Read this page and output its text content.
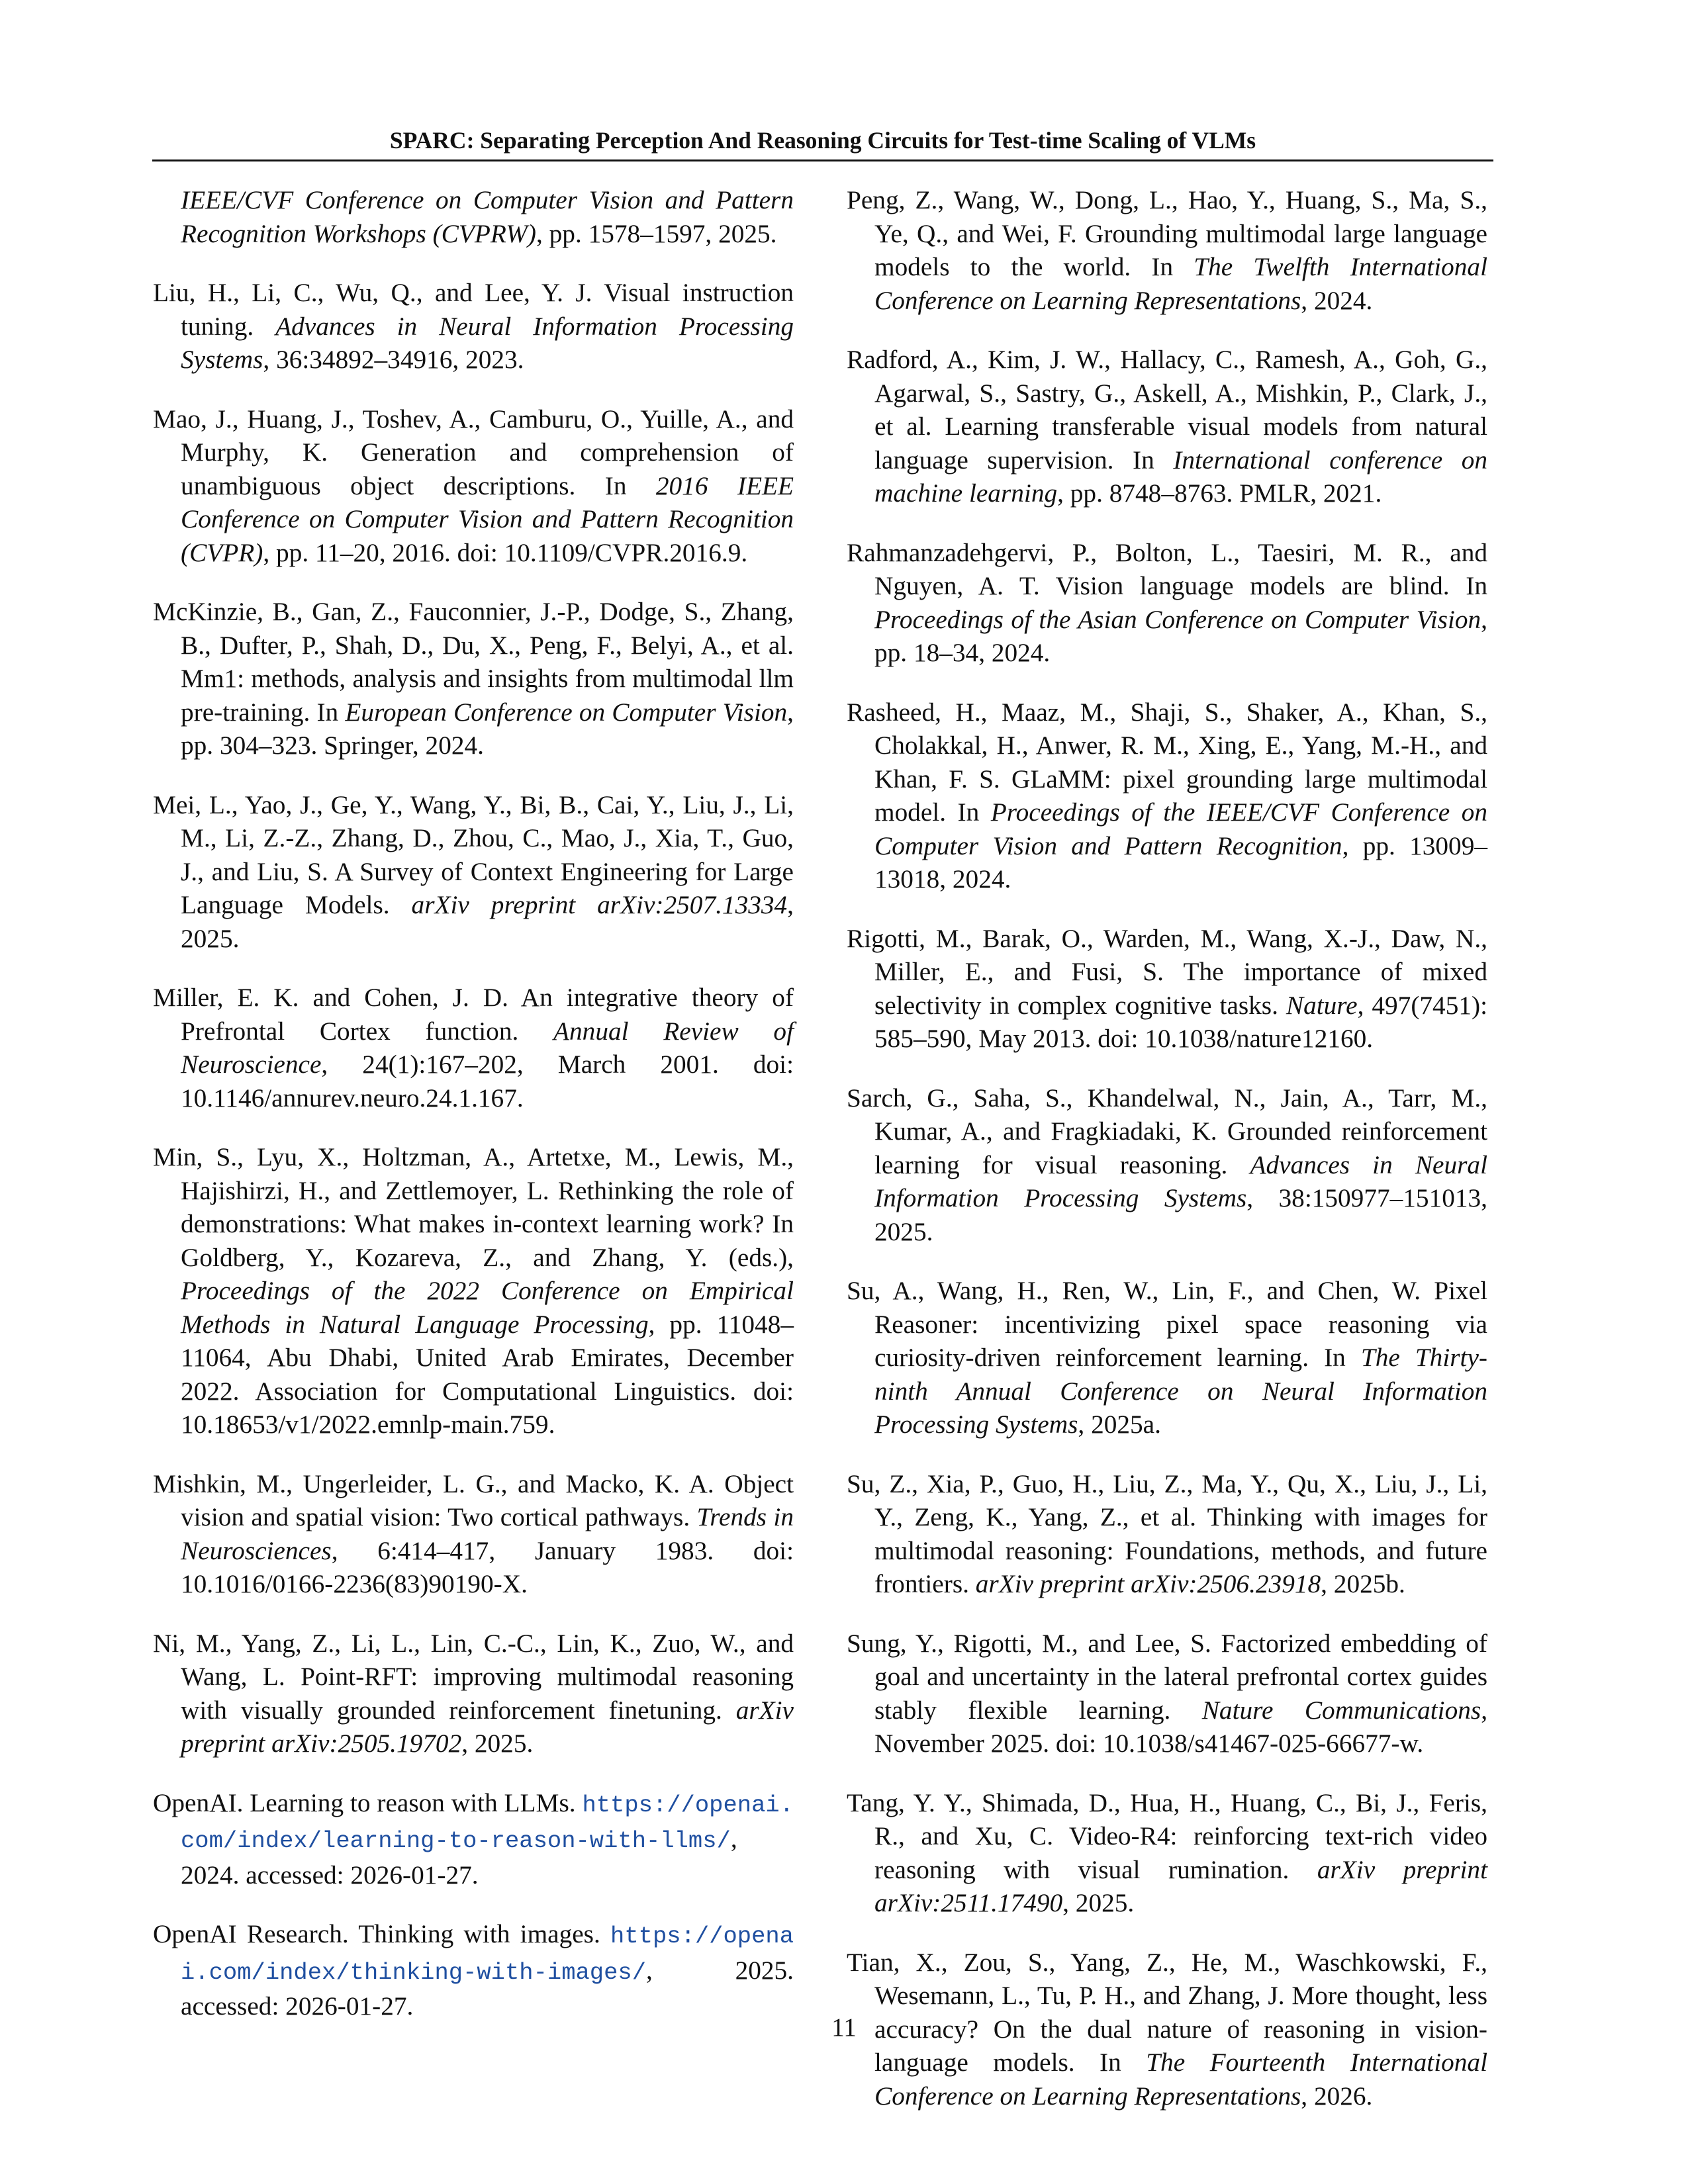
SPARC: Separating Perception And Reasoning Circuits for Test-time Scaling of VLMs

IEEE/CVF Conference on Computer Vision and Pattern Recognition Workshops (CVPRW), pp. 1578–1597, 2025.

Liu, H., Li, C., Wu, Q., and Lee, Y. J. Visual instruction tuning. Advances in Neural Information Processing Systems, 36:34892–34916, 2023.

Mao, J., Huang, J., Toshev, A., Camburu, O., Yuille, A., and Murphy, K. Generation and comprehension of unambiguous object descriptions. In 2016 IEEE Conference on Computer Vision and Pattern Recognition (CVPR), pp. 11–20, 2016. doi: 10.1109/CVPR.2016.9.

McKinzie, B., Gan, Z., Fauconnier, J.-P., Dodge, S., Zhang, B., Dufter, P., Shah, D., Du, X., Peng, F., Belyi, A., et al. Mm1: methods, analysis and insights from multimodal llm pre-training. In European Conference on Computer Vision, pp. 304–323. Springer, 2024.

Mei, L., Yao, J., Ge, Y., Wang, Y., Bi, B., Cai, Y., Liu, J., Li, M., Li, Z.-Z., Zhang, D., Zhou, C., Mao, J., Xia, T., Guo, J., and Liu, S. A Survey of Context Engineering for Large Language Models. arXiv preprint arXiv:2507.13334, 2025.

Miller, E. K. and Cohen, J. D. An integrative theory of Prefrontal Cortex function. Annual Review of Neuroscience, 24(1):167–202, March 2001. doi: 10.1146/annurev.neuro.24.1.167.

Min, S., Lyu, X., Holtzman, A., Artetxe, M., Lewis, M., Hajishirzi, H., and Zettlemoyer, L. Rethinking the role of demonstrations: What makes in-context learning work? In Goldberg, Y., Kozareva, Z., and Zhang, Y. (eds.), Proceedings of the 2022 Conference on Empirical Methods in Natural Language Processing, pp. 11048–11064, Abu Dhabi, United Arab Emirates, December 2022. Association for Computational Linguistics. doi: 10.18653/v1/2022.emnlp-main.759.

Mishkin, M., Ungerleider, L. G., and Macko, K. A. Object vision and spatial vision: Two cortical pathways. Trends in Neurosciences, 6:414–417, January 1983. doi: 10.1016/0166-2236(83)90190-X.

Ni, M., Yang, Z., Li, L., Lin, C.-C., Lin, K., Zuo, W., and Wang, L. Point-RFT: improving multimodal reasoning with visually grounded reinforcement finetuning. arXiv preprint arXiv:2505.19702, 2025.

OpenAI. Learning to reason with LLMs. https://openai.com/index/learning-to-reason-with-llms/, 2024. accessed: 2026-01-27.

OpenAI Research. Thinking with images. https://openai.com/index/thinking-with-images/, 2025. accessed: 2026-01-27.

Peng, Z., Wang, W., Dong, L., Hao, Y., Huang, S., Ma, S., Ye, Q., and Wei, F. Grounding multimodal large language models to the world. In The Twelfth International Conference on Learning Representations, 2024.

Radford, A., Kim, J. W., Hallacy, C., Ramesh, A., Goh, G., Agarwal, S., Sastry, G., Askell, A., Mishkin, P., Clark, J., et al. Learning transferable visual models from natural language supervision. In International conference on machine learning, pp. 8748–8763. PMLR, 2021.

Rahmanzadehgervi, P., Bolton, L., Taesiri, M. R., and Nguyen, A. T. Vision language models are blind. In Proceedings of the Asian Conference on Computer Vision, pp. 18–34, 2024.

Rasheed, H., Maaz, M., Shaji, S., Shaker, A., Khan, S., Cholakkal, H., Anwer, R. M., Xing, E., Yang, M.-H., and Khan, F. S. GLaMM: pixel grounding large multimodal model. In Proceedings of the IEEE/CVF Conference on Computer Vision and Pattern Recognition, pp. 13009–13018, 2024.

Rigotti, M., Barak, O., Warden, M., Wang, X.-J., Daw, N., Miller, E., and Fusi, S. The importance of mixed selectivity in complex cognitive tasks. Nature, 497(7451): 585–590, May 2013. doi: 10.1038/nature12160.

Sarch, G., Saha, S., Khandelwal, N., Jain, A., Tarr, M., Kumar, A., and Fragkiadaki, K. Grounded reinforcement learning for visual reasoning. Advances in Neural Information Processing Systems, 38:150977–151013, 2025.

Su, A., Wang, H., Ren, W., Lin, F., and Chen, W. Pixel Reasoner: incentivizing pixel space reasoning via curiosity-driven reinforcement learning. In The Thirty-ninth Annual Conference on Neural Information Processing Systems, 2025a.

Su, Z., Xia, P., Guo, H., Liu, Z., Ma, Y., Qu, X., Liu, J., Li, Y., Zeng, K., Yang, Z., et al. Thinking with images for multimodal reasoning: Foundations, methods, and future frontiers. arXiv preprint arXiv:2506.23918, 2025b.

Sung, Y., Rigotti, M., and Lee, S. Factorized embedding of goal and uncertainty in the lateral prefrontal cortex guides stably flexible learning. Nature Communications, November 2025. doi: 10.1038/s41467-025-66677-w.

Tang, Y. Y., Shimada, D., Hua, H., Huang, C., Bi, J., Feris, R., and Xu, C. Video-R4: reinforcing text-rich video reasoning with visual rumination. arXiv preprint arXiv:2511.17490, 2025.

Tian, X., Zou, S., Yang, Z., He, M., Waschkowski, F., Wesemann, L., Tu, P. H., and Zhang, J. More thought, less accuracy? On the dual nature of reasoning in vision-language models. In The Fourteenth International Conference on Learning Representations, 2026.

11
